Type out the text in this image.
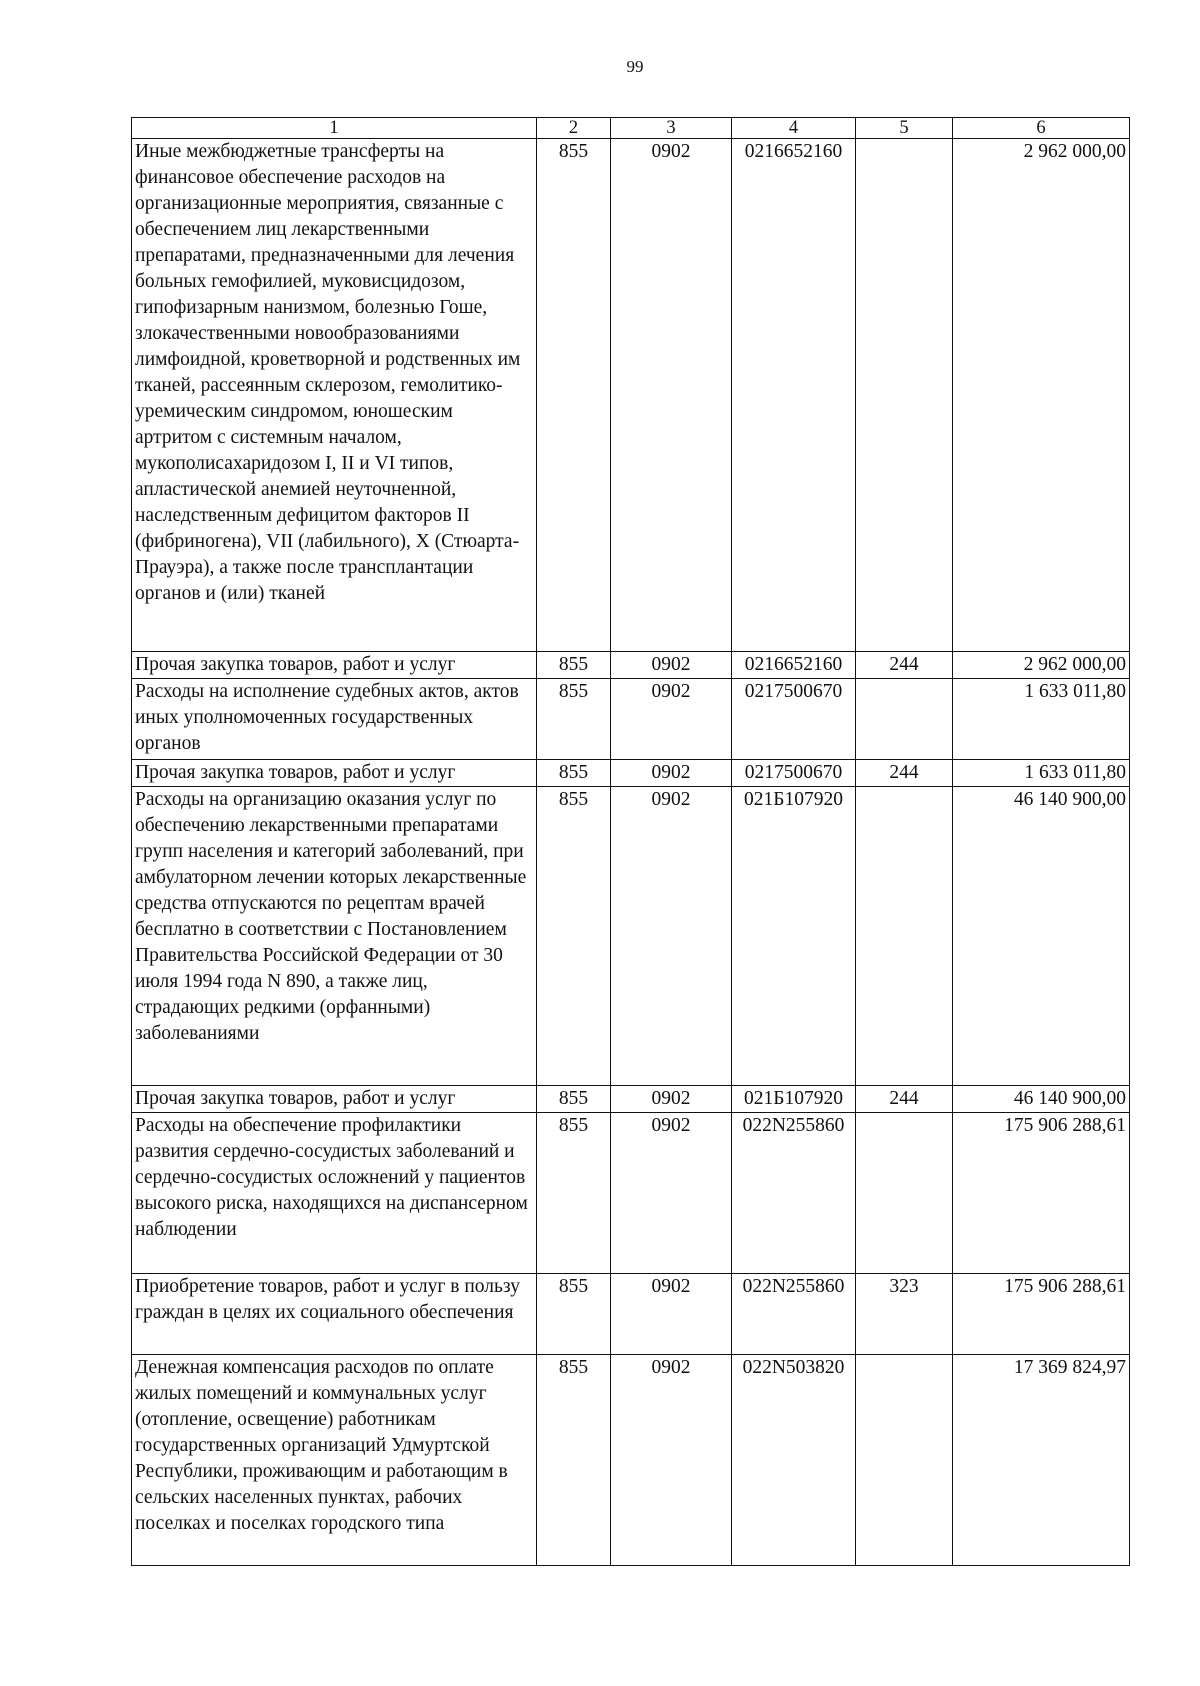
99
1	2	3	4	5	6
Иные межбюджетные трансферты на финансовое обеспечение расходов на организационные мероприятия, связанные с обеспечением лиц лекарственными препаратами, предназначенными для лечения больных гемофилией, муковисцидозом, гипофизарным нанизмом, болезнью Гоше, злокачественными новообразованиями лимфоидной, кроветворной и родственных им тканей, рассеянным склерозом, гемолитико-уремическим синдромом, юношеским артритом с системным началом, мукополисахаридозом I, II и VI типов, апластической анемией неуточненной, наследственным дефицитом факторов II (фибриногена), VII (лабильного), X (Стюарта-Прауэра), а также после трансплантации органов и (или) тканей	855	0902	0216652160		2 962 000,00
Прочая закупка товаров, работ и услуг	855	0902	0216652160	244	2 962 000,00
Расходы на исполнение судебных актов, актов иных уполномоченных государственных органов	855	0902	0217500670		1 633 011,80
Прочая закупка товаров, работ и услуг	855	0902	0217500670	244	1 633 011,80
Расходы на организацию оказания услуг по обеспечению лекарственными препаратами групп населения и категорий заболеваний, при амбулаторном лечении которых лекарственные средства отпускаются по рецептам врачей бесплатно в соответствии с Постановлением Правительства Российской Федерации от 30 июля 1994 года N 890, а также лиц, страдающих редкими (орфанными) заболеваниями	855	0902	021Б107920		46 140 900,00
Прочая закупка товаров, работ и услуг	855	0902	021Б107920	244	46 140 900,00
Расходы на обеспечение профилактики развития сердечно-сосудистых заболеваний и сердечно-сосудистых осложнений у пациентов высокого риска, находящихся на диспансерном наблюдении	855	0902	022N255860		175 906 288,61
Приобретение товаров, работ и услуг в пользу граждан в целях их социального обеспечения	855	0902	022N255860	323	175 906 288,61
Денежная компенсация расходов по оплате жилых помещений и коммунальных услуг (отопление, освещение) работникам государственных организаций Удмуртской Республики, проживающим и работающим в сельских населенных пунктах, рабочих поселках и поселках городского типа	855	0902	022N503820		17 369 824,97
